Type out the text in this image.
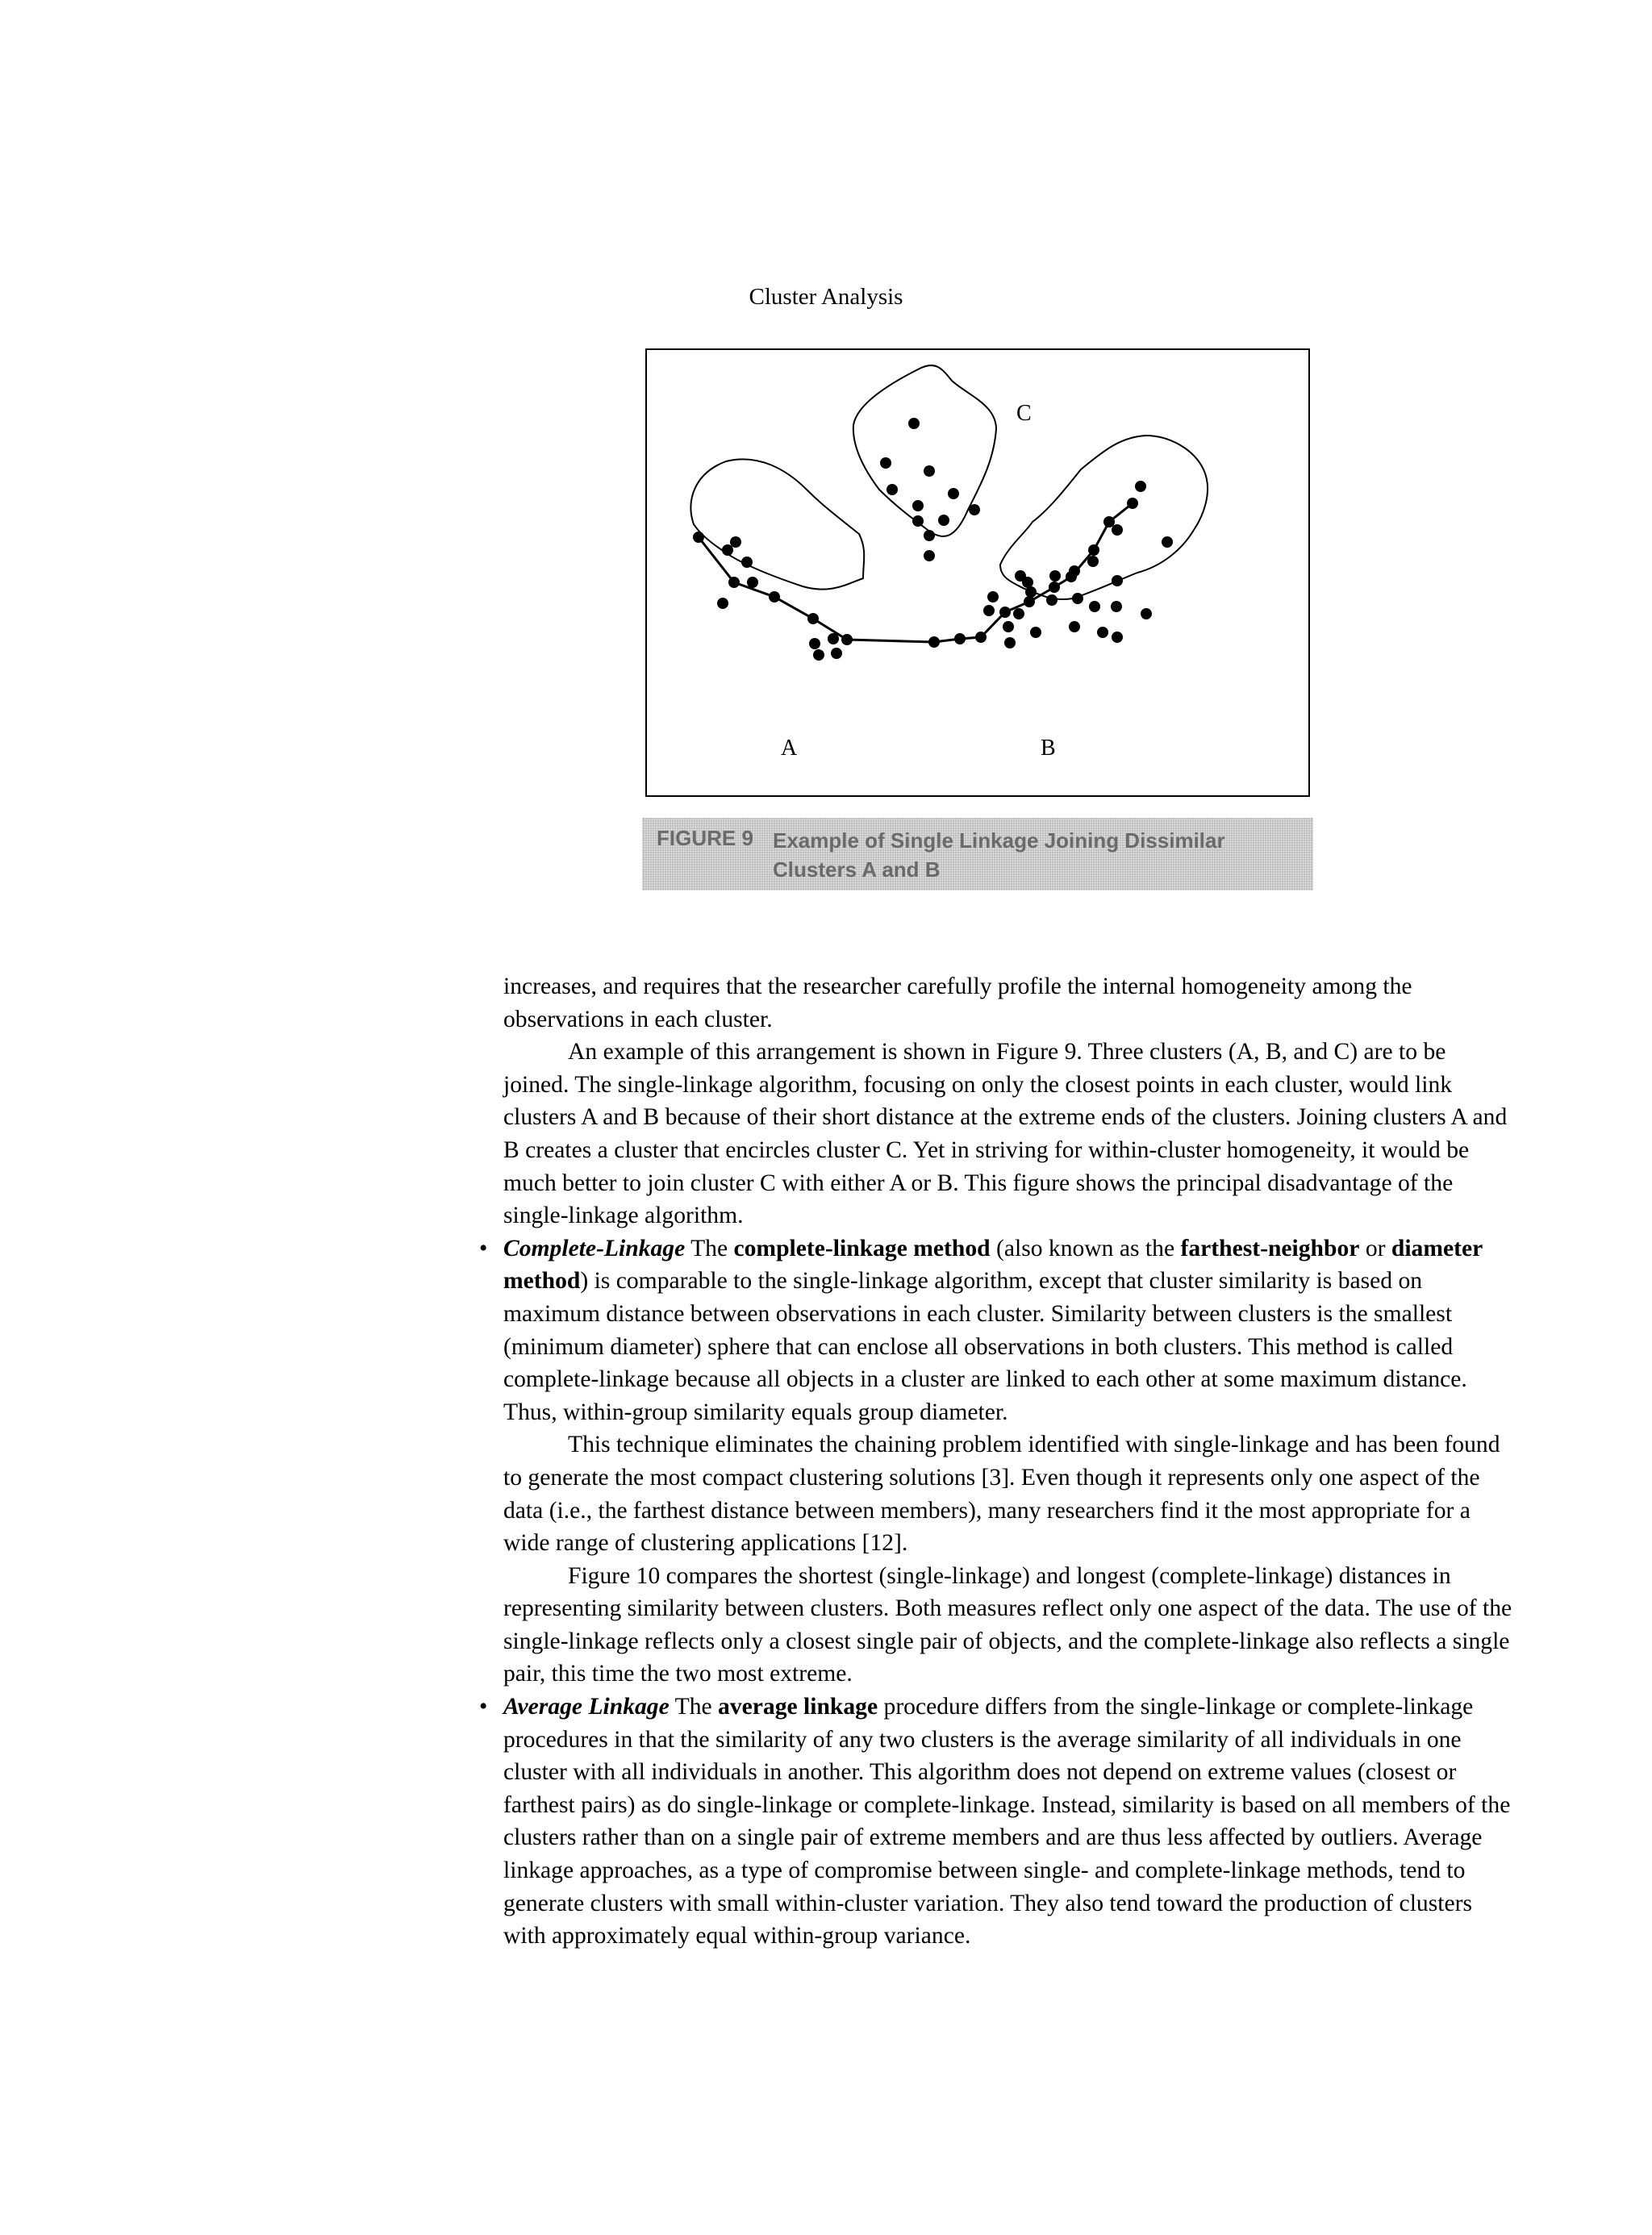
Cluster Analysis
C
A	B
FIGURE 9 Example of Single Linkage Joining Dissimilar Clusters A and B

increases, and requires that the researcher carefully profile the internal homogeneity among the observations in each cluster.

An example of this arrangement is shown in Figure 9. Three clusters (A, B, and C) are to be joined. The single-linkage algorithm, focusing on only the closest points in each cluster, would link clusters A and B because of their short distance at the extreme ends of the clusters. Joining clusters A and B creates a cluster that encircles cluster C. Yet in striving for within-cluster homogeneity, it would be much better to join cluster C with either A or B. This figure shows the principal disadvantage of the single-linkage algorithm.

• Complete-Linkage The complete-linkage method (also known as the farthest-neighbor or diameter method) is comparable to the single-linkage algorithm, except that cluster similarity is based on maximum distance between observations in each cluster. Similarity between clusters is the smallest (minimum diameter) sphere that can enclose all observations in both clusters. This method is called complete-linkage because all objects in a cluster are linked to each other at some maximum distance. Thus, within-group similarity equals group diameter.

This technique eliminates the chaining problem identified with single-linkage and has been found to generate the most compact clustering solutions [3]. Even though it represents only one aspect of the data (i.e., the farthest distance between members), many researchers find it the most appropriate for a wide range of clustering applications [12].

Figure 10 compares the shortest (single-linkage) and longest (complete-linkage) distances in representing similarity between clusters. Both measures reflect only one aspect of the data. The use of the single-linkage reflects only a closest single pair of objects, and the complete-linkage also reflects a single pair, this time the two most extreme.

• Average Linkage The average linkage procedure differs from the single-linkage or complete-linkage procedures in that the similarity of any two clusters is the average similarity of all individuals in one cluster with all individuals in another. This algorithm does not depend on extreme values (closest or farthest pairs) as do single-linkage or complete-linkage. Instead, similarity is based on all members of the clusters rather than on a single pair of extreme members and are thus less affected by outliers. Average linkage approaches, as a type of compromise between single- and complete-linkage methods, tend to generate clusters with small within-cluster variation. They also tend toward the production of clusters with approximately equal within-group variance.
